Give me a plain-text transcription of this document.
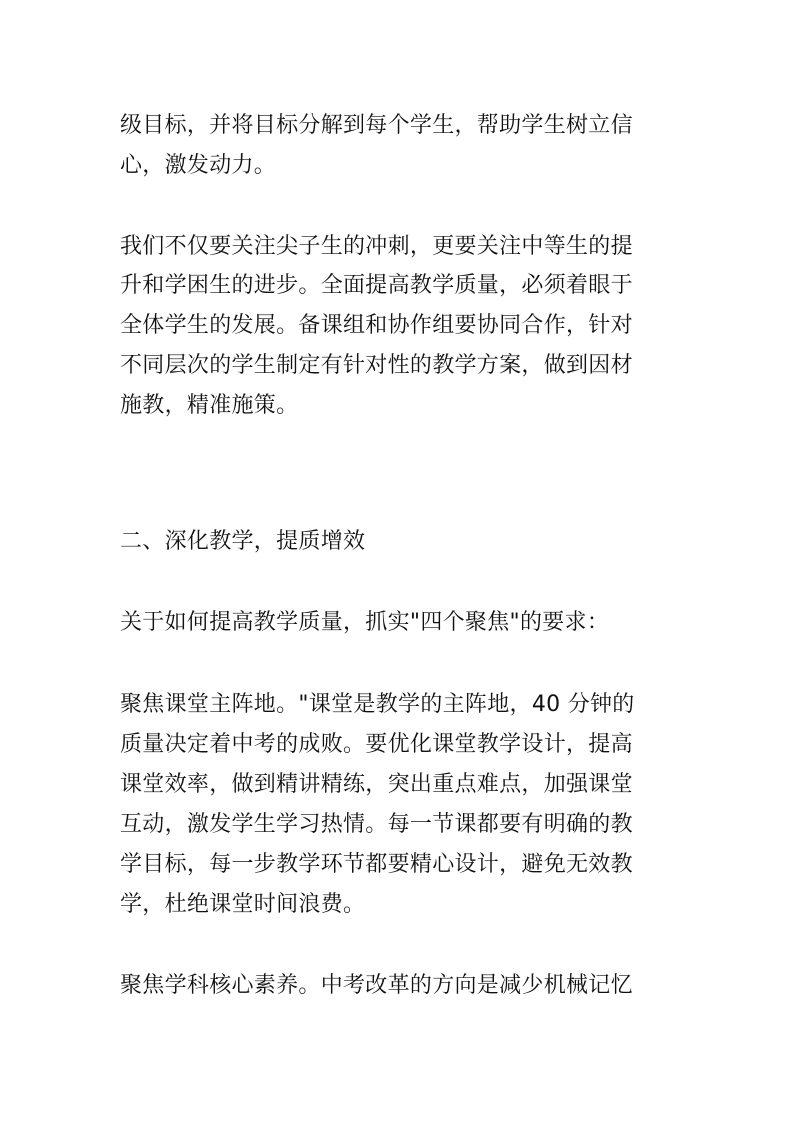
级目标，并将目标分解到每个学生，帮助学生树立信
心，激发动力。
我们不仅要关注尖子生的冲刺，更要关注中等生的提
升和学困生的进步。全面提高教学质量，必须着眼于
全体学生的发展。备课组和协作组要协同合作，针对
不同层次的学生制定有针对性的教学方案，做到因材
施教，精准施策。
二、深化教学，提质增效
关于如何提高教学质量，抓实"四个聚焦"的要求：
聚焦课堂主阵地。"课堂是教学的主阵地，40 分钟的
质量决定着中考的成败。要优化课堂教学设计，提高
课堂效率，做到精讲精练，突出重点难点，加强课堂
互动，激发学生学习热情。每一节课都要有明确的教
学目标，每一步教学环节都要精心设计，避免无效教
学，杜绝课堂时间浪费。
聚焦学科核心素养。中考改革的方向是减少机械记忆
